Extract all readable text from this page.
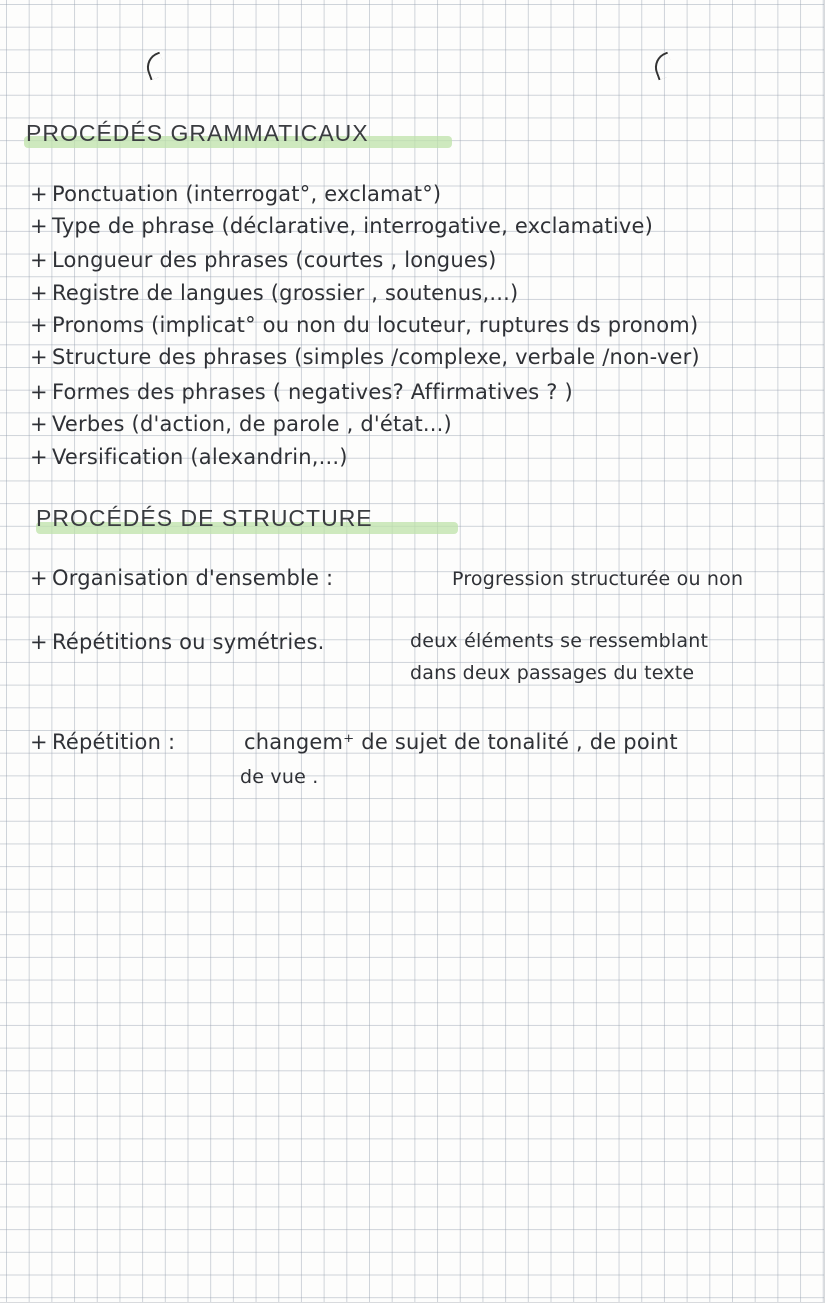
PROCÉDÉS GRAMMATICAUX
+ Ponctuation (interrogat°, exclamat°)
+ Type de phrase (déclarative, interrogative, exclamative)
+ Longueur des phrases (courtes , longues)
+ Registre de langues (grossier , soutenus,...)
+ Pronoms (implicat° ou non du locuteur, ruptures ds pronom)
+ Structure des phrases (simples /complexe, verbale /non-ver)
+ Formes des phrases ( negatives? Affirmatives ? )
+ Verbes (d'action, de parole , d'état...)
+ Versification (alexandrin,...)
PROCÉDÉS DE STRUCTURE
+ Organisation d'ensemble :	Progression structurée ou non
+ Répétitions ou symétries.	deux éléments se ressemblant
dans deux passages du texte
+ Répétition :	changem⁺ de sujet de tonalité , de point
de vue .
